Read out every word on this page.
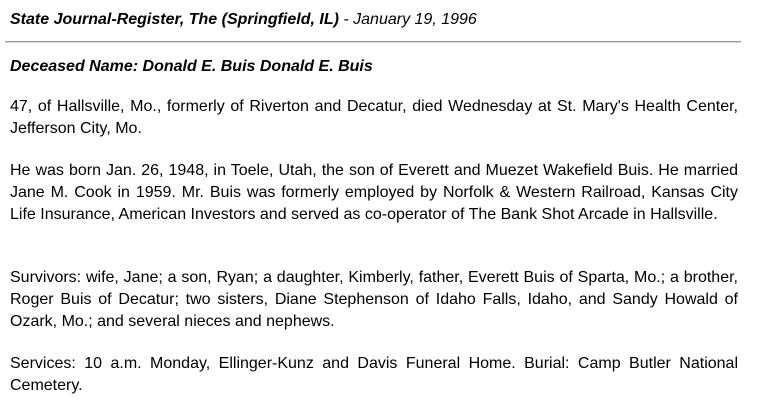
State Journal-Register, The (Springfield, IL) - January 19, 1996
Deceased Name: Donald E. Buis Donald E. Buis
47, of Hallsville, Mo., formerly of Riverton and Decatur, died Wednesday at St. Mary's Health Center, Jefferson City, Mo.
He was born Jan. 26, 1948, in Toele, Utah, the son of Everett and Muezet Wakefield Buis. He married Jane M. Cook in 1959. Mr. Buis was formerly employed by Norfolk & Western Railroad, Kansas City Life Insurance, American Investors and served as co-operator of The Bank Shot Arcade in Hallsville.
Survivors: wife, Jane; a son, Ryan; a daughter, Kimberly, father, Everett Buis of Sparta, Mo.; a brother, Roger Buis of Decatur; two sisters, Diane Stephenson of Idaho Falls, Idaho, and Sandy Howald of Ozark, Mo.; and several nieces and nephews.
Services: 10 a.m. Monday, Ellinger-Kunz and Davis Funeral Home. Burial: Camp Butler National Cemetery.
